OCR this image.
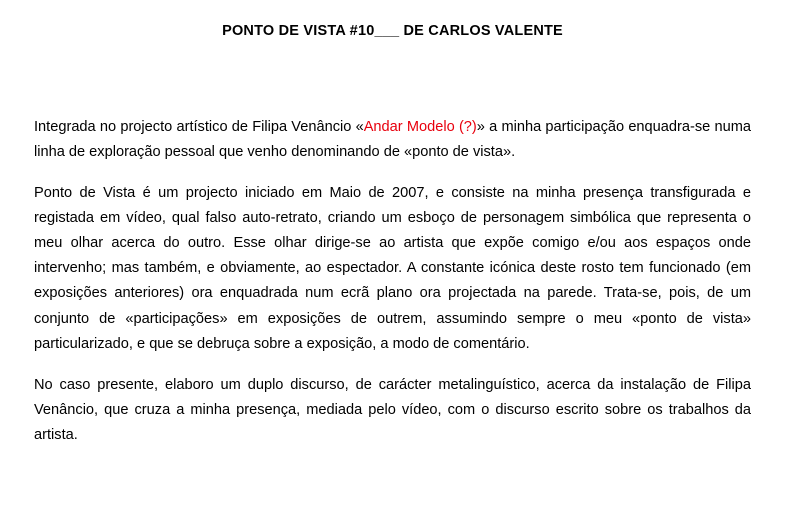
PONTO DE VISTA #10___ DE CARLOS VALENTE

Integrada no projecto artístico de Filipa Venâncio «Andar Modelo (?)» a minha participação enquadra-se numa linha de exploração pessoal que venho denominando de «ponto de vista».

Ponto de Vista é um projecto iniciado em Maio de 2007, e consiste na minha presença transfigurada e registada em vídeo, qual falso auto-retrato, criando um esboço de personagem simbólica que representa o meu olhar acerca do outro. Esse olhar dirige-se ao artista que expõe comigo e/ou aos espaços onde intervenho; mas também, e obviamente, ao espectador. A constante icónica deste rosto tem funcionado (em exposições anteriores) ora enquadrada num ecrã plano ora projectada na parede. Trata-se, pois, de um conjunto de «participações» em exposições de outrem, assumindo sempre o meu «ponto de vista» particularizado, e que se debruça sobre a exposição, a modo de comentário.

No caso presente, elaboro um duplo discurso, de carácter metalinguístico, acerca da instalação de Filipa Venâncio, que cruza a minha presença, mediada pelo vídeo, com o discurso escrito sobre os trabalhos da artista.
